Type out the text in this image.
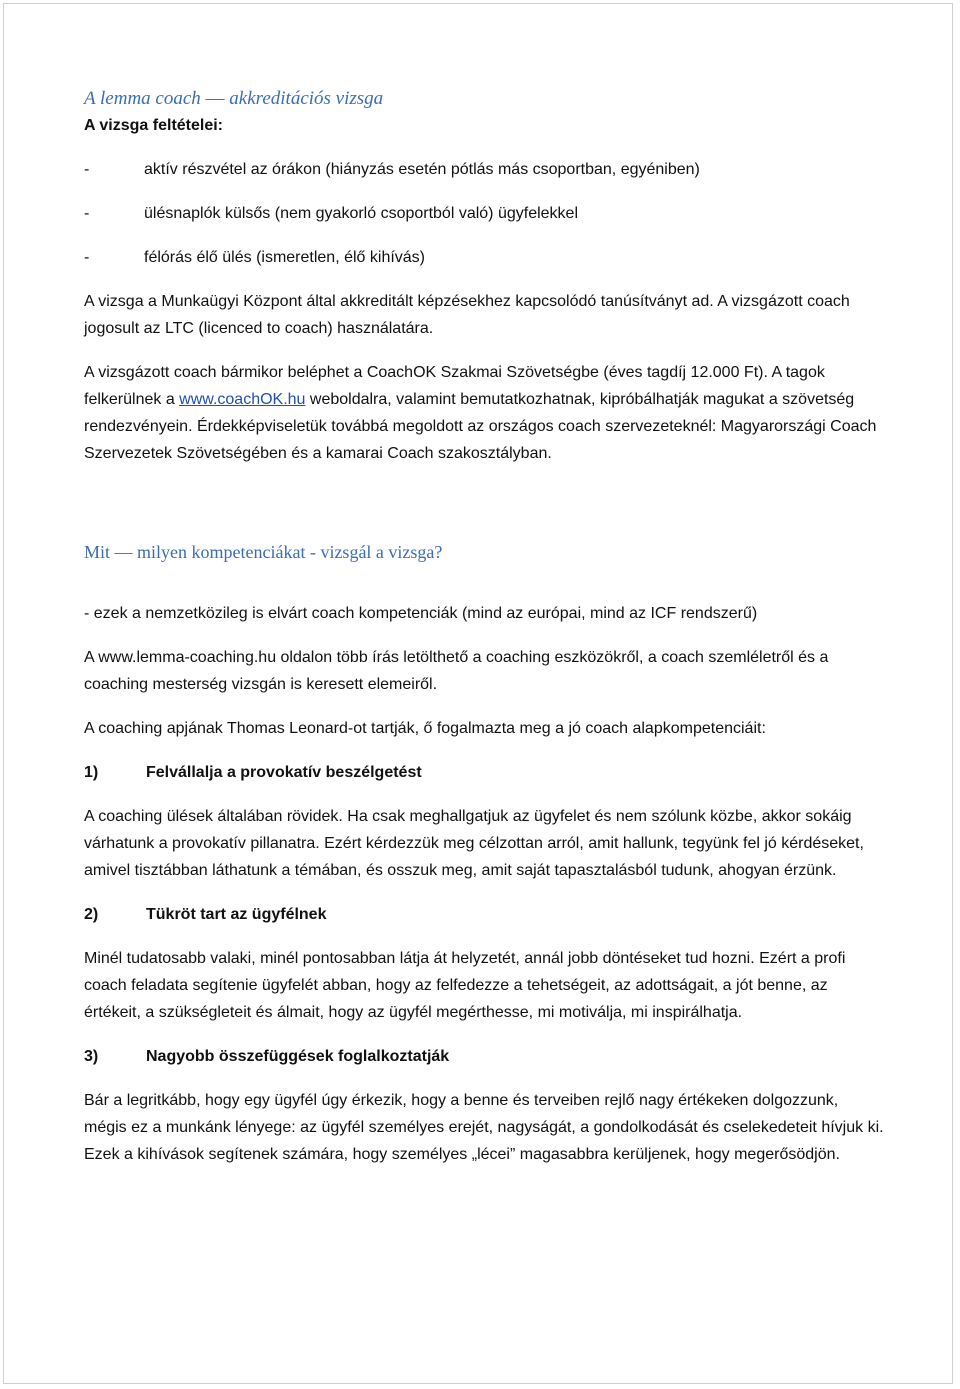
A lemma coach –– akkreditációs vizsga

A vizsga feltételei:

-	aktív részvétel az órákon (hiányzás esetén pótlás más csoportban, egyéniben)
-	ülésnaplók külsős (nem gyakorló csoportból való) ügyfelekkel
-	félórás élő ülés (ismeretlen, élő kihívás)

A vizsga a Munkaügyi Központ által akkreditált képzésekhez kapcsolódó tanúsítványt ad. A vizsgázott coach jogosult az LTC (licenced to coach) használatára.

A vizsgázott coach bármikor beléphet a CoachOK Szakmai Szövetségbe (éves tagdíj 12.000 Ft). A tagok felkerülnek a www.coachOK.hu weboldalra, valamint bemutatkozhatnak, kipróbálhatják magukat a szövetség rendezvényein. Érdekképviseletük továbbá megoldott az országos coach szervezeteknél: Magyarországi Coach Szervezetek Szövetségében és a kamarai Coach szakosztályban.

Mit –– milyen kompetenciákat - vizsgál a vizsga?

- ezek a nemzetközileg is elvárt coach kompetenciák (mind az európai, mind az ICF rendszerű)

A www.lemma-coaching.hu oldalon több írás letölthető a coaching eszközökről, a coach szemléletről és a coaching mesterség vizsgán is keresett elemeiről.

A coaching apjának Thomas Leonard-ot tartják, ő fogalmazta meg a jó coach alapkompetenciáit:

1)	Felvállalja a provokatív beszélgetést

A coaching ülések általában rövidek. Ha csak meghallgatjuk az ügyfelet és nem szólunk közbe, akkor sokáig várhatunk a provokatív pillanatra. Ezért kérdezzük meg célzottan arról, amit hallunk, tegyünk fel jó kérdéseket, amivel tisztábban láthatunk a témában, és osszuk meg, amit saját tapasztalásból tudunk, ahogyan érzünk.

2)	Tükröt tart az ügyfélnek

Minél tudatosabb valaki, minél pontosabban látja át helyzetét, annál jobb döntéseket tud hozni. Ezért a profi coach feladata segítenie ügyfelét abban, hogy az felfedezze a tehetségeit, az adottságait, a jót benne, az értékeit, a szükségleteit és álmait, hogy az ügyfél megérthesse, mi motiválja, mi inspirálhatja.

3)	Nagyobb összefüggések foglalkoztatják

Bár a legritkább, hogy egy ügyfél úgy érkezik, hogy a benne és terveiben rejlő nagy értékeken dolgozzunk, mégis ez a munkánk lényege: az ügyfél személyes erejét, nagyságát, a gondolkodását és cselekedeteit hívjuk ki. Ezek a kihívások segítenek számára, hogy személyes „lécei” magasabbra kerüljenek, hogy megerősödjön.
